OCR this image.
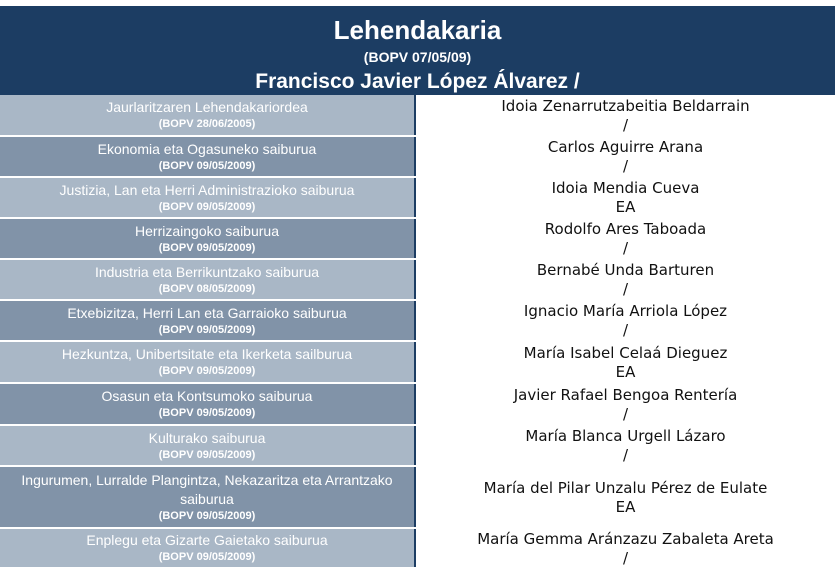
Lehendakaria
(BOPV 07/05/09)
Francisco Javier López Álvarez /
Jaurlaritzaren Lehendakariordea
(BOPV 28/06/2005)	Idoia Zenarrutzabeitia Beldarrain
/

Ekonomia eta Ogasuneko saiburua
(BOPV 09/05/2009)	Carlos Aguirre Arana
/

Justizia, Lan eta Herri Administrazioko saiburua
(BOPV 09/05/2009)	Idoia Mendia Cueva
EA

Herrizaingoko saiburua
(BOPV 09/05/2009)	Rodolfo Ares Taboada
/

Industria eta Berrikuntzako saiburua
(BOPV 08/05/2009)	Bernabé Unda Barturen
/

Etxebizitza, Herri Lan eta Garraioko saiburua
(BOPV 09/05/2009)	Ignacio María Arriola López
/

Hezkuntza, Unibertsitate eta Ikerketa sailburua
(BOPV 09/05/2009)	María Isabel Celaá Dieguez
EA

Osasun eta Kontsumoko saiburua
(BOPV 09/05/2009)	Javier Rafael Bengoa Rentería
/

Kulturako saiburua
(BOPV 09/05/2009)	María Blanca Urgell Lázaro
/

Ingurumen, Lurralde Plangintza, Nekazaritza eta Arrantzako saiburua
(BOPV 09/05/2009)	María del Pilar Unzalu Pérez de Eulate
EA

Enplegu eta Gizarte Gaietako saiburua
(BOPV 09/05/2009)	María Gemma Aránzazu Zabaleta Areta
/
